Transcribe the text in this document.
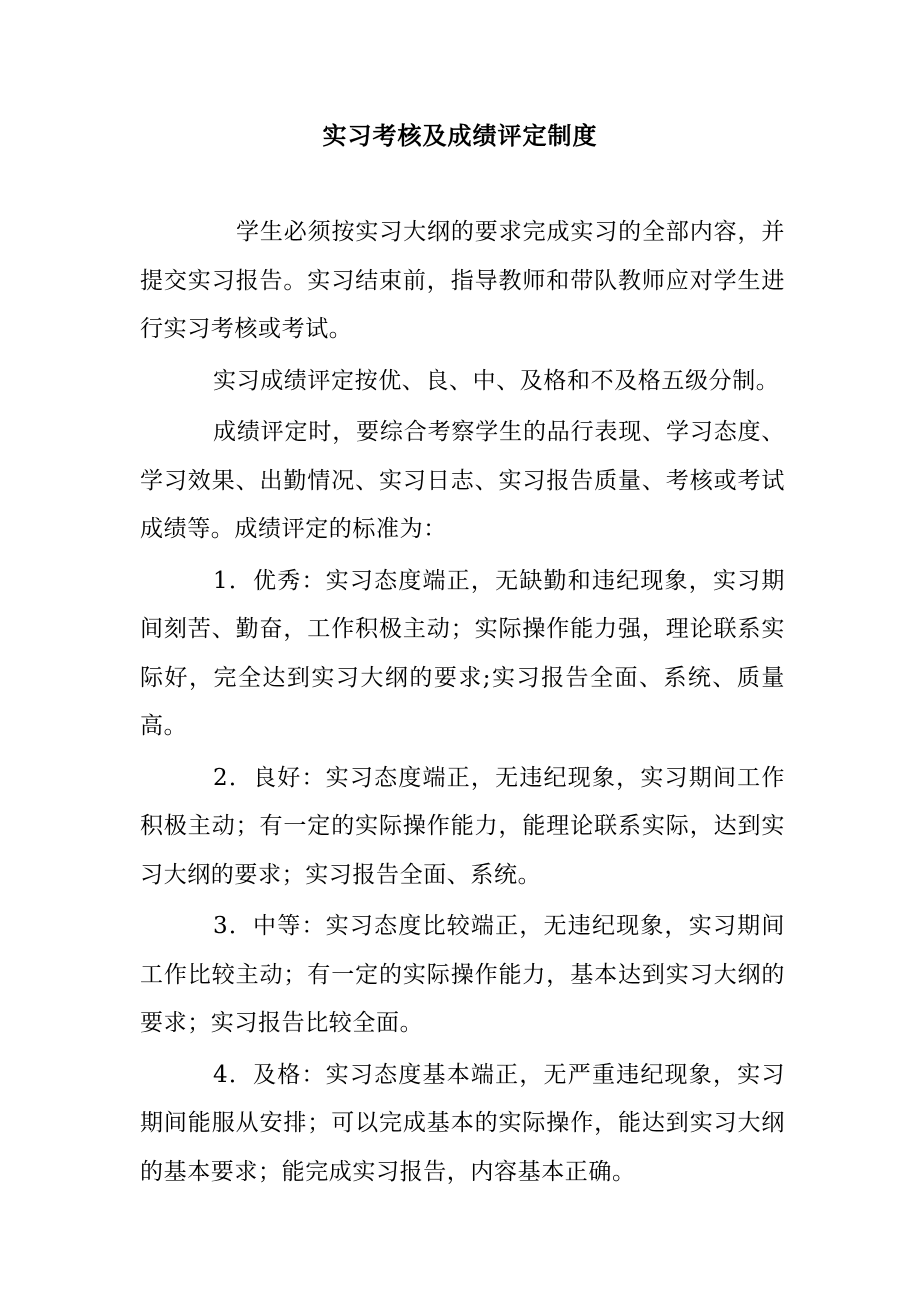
实习考核及成绩评定制度

学生必须按实习大纲的要求完成实习的全部内容，并提交实习报告。实习结束前，指导教师和带队教师应对学生进行实习考核或考试。

实习成绩评定按优、良、中、及格和不及格五级分制。

成绩评定时，要综合考察学生的品行表现、学习态度、学习效果、出勤情况、实习日志、实习报告质量、考核或考试成绩等。成绩评定的标准为：

1．优秀：实习态度端正，无缺勤和违纪现象，实习期间刻苦、勤奋，工作积极主动；实际操作能力强，理论联系实际好，完全达到实习大纲的要求;实习报告全面、系统、质量高。

2．良好：实习态度端正，无违纪现象，实习期间工作积极主动；有一定的实际操作能力，能理论联系实际，达到实习大纲的要求；实习报告全面、系统。

3．中等：实习态度比较端正，无违纪现象，实习期间工作比较主动；有一定的实际操作能力，基本达到实习大纲的要求；实习报告比较全面。

4．及格：实习态度基本端正，无严重违纪现象，实习期间能服从安排；可以完成基本的实际操作，能达到实习大纲的基本要求；能完成实习报告，内容基本正确。
